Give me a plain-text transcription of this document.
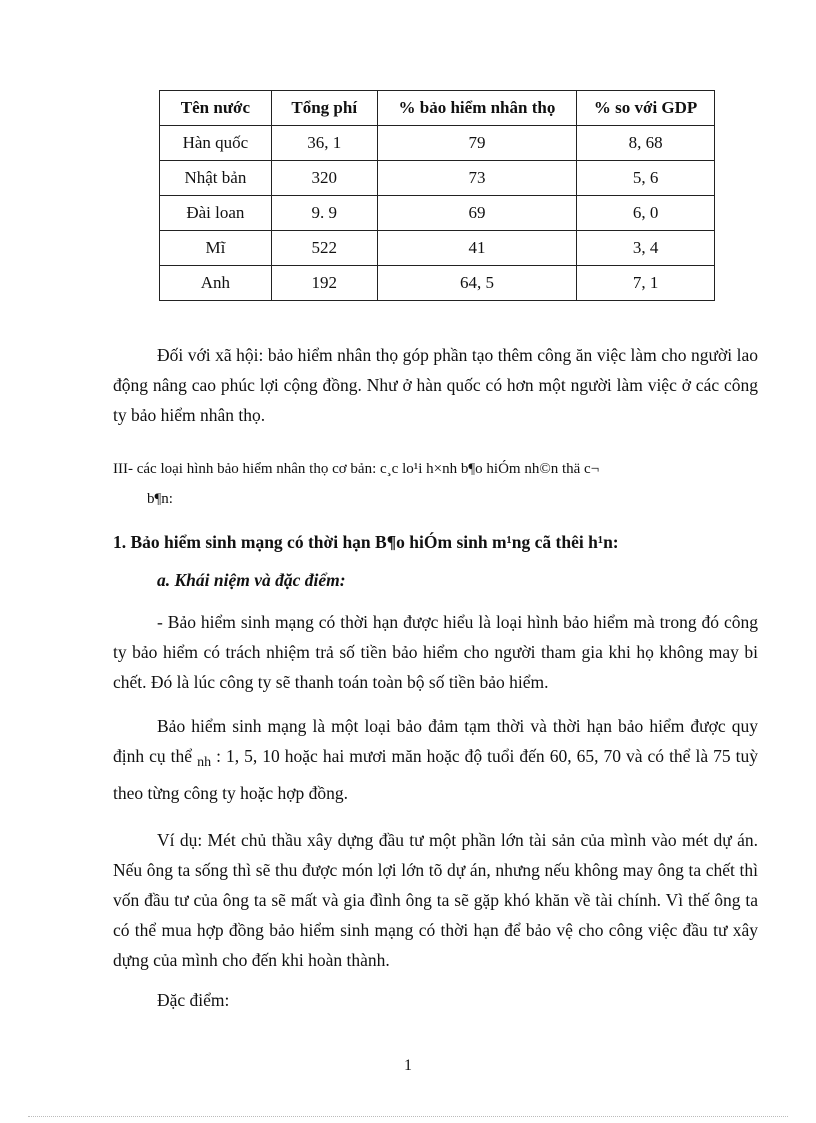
Tên nước	Tổng phí	% bảo hiểm nhân thọ	% so với GDP
Hàn quốc	36, 1	79	8, 68
Nhật bản	320	73	5, 6
Đài loan	9. 9	69	6, 0
Mĩ	522	41	3, 4
Anh	192	64, 5	7, 1

Đối với xã hội: bảo hiểm nhân thọ góp phần tạo thêm công ăn việc làm cho người lao động nâng cao phúc lợi cộng đồng. Như ở hàn quốc có hơn một người làm việc ở các công ty bảo hiểm nhân thọ.

III- các loại hình bảo hiểm nhân thọ cơ bản: c¸c lo¹i h×nh b¶o hiÓm nh©n thä c¬
b¶n:

1. Bảo hiểm sinh mạng có thời hạn B¶o hiÓm sinh m¹ng cã thêi h¹n:

a. Khái niệm và đặc điểm:

- Bảo hiểm sinh mạng có thời hạn được hiểu là loại hình bảo hiểm mà trong đó công ty bảo hiểm có trách nhiệm trả số tiền bảo hiểm cho người tham gia khi họ không may bi chết. Đó là lúc công ty sẽ thanh toán toàn bộ số tiền bảo hiểm.

Bảo hiểm sinh mạng là một loại bảo đảm tạm thời và thời hạn bảo hiểm được quy định cụ thể $_{nh}$ : 1, 5, 10 hoặc hai mươi măn hoặc độ tuổi đến 60, 65, 70 và có thể là 75 tuỳ theo từng công ty hoặc hợp đồng.

Ví dụ: Mét chủ thầu xây dựng đầu tư một phần lớn tài sản của mình vào mét dự án. Nếu ông ta sống thì sẽ thu được món lợi lớn tõ dự án, nhưng nếu không may ông ta chết thì vốn đầu tư của ông ta sẽ mất và gia đình ông ta sẽ gặp khó khăn về tài chính. Vì thế ông ta có thể mua hợp đồng bảo hiểm sinh mạng có thời hạn để bảo vệ cho công việc đầu tư xây dựng của mình cho đến khi hoàn thành.

Đặc điểm:

1
